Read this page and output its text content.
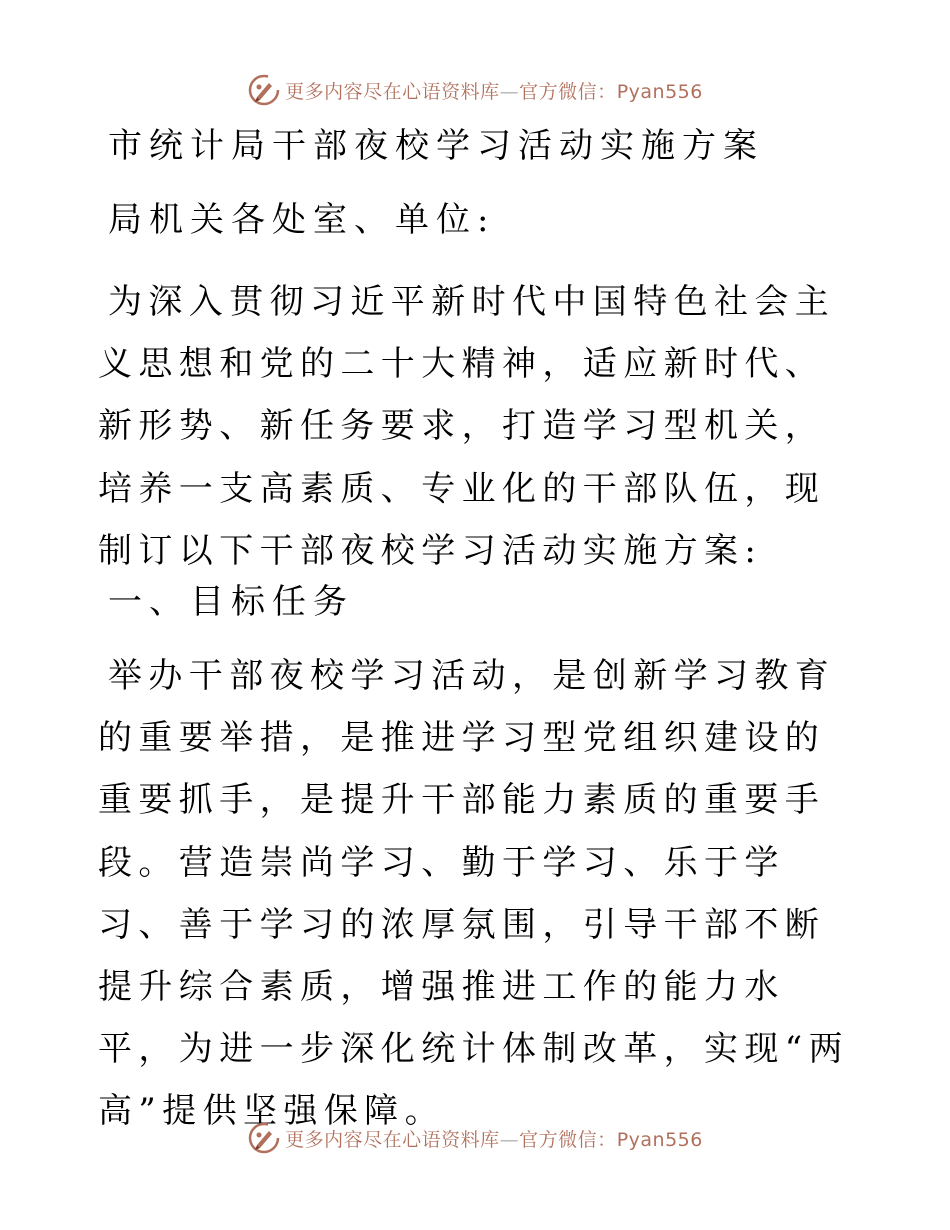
更多内容尽在心语资料库—官方微信：Pyan556
市统计局干部夜校学习活动实施方案
局机关各处室、单位:

为深入贯彻习近平新时代中国特色社会主义思想和党的二十大精神，适应新时代、新形势、新任务要求，打造学习型机关，培养一支高素质、专业化的干部队伍，现制订以下干部夜校学习活动实施方案:

一、目标任务

举办干部夜校学习活动，是创新学习教育的重要举措，是推进学习型党组织建设的重要抓手，是提升干部能力素质的重要手段。营造崇尚学习、勤于学习、乐于学习、善于学习的浓厚氛围，引导干部不断提升综合素质，增强推进工作的能力水平，为进一步深化统计体制改革，实现“两高”提供坚强保障。

更多内容尽在心语资料库—官方微信：Pyan556
